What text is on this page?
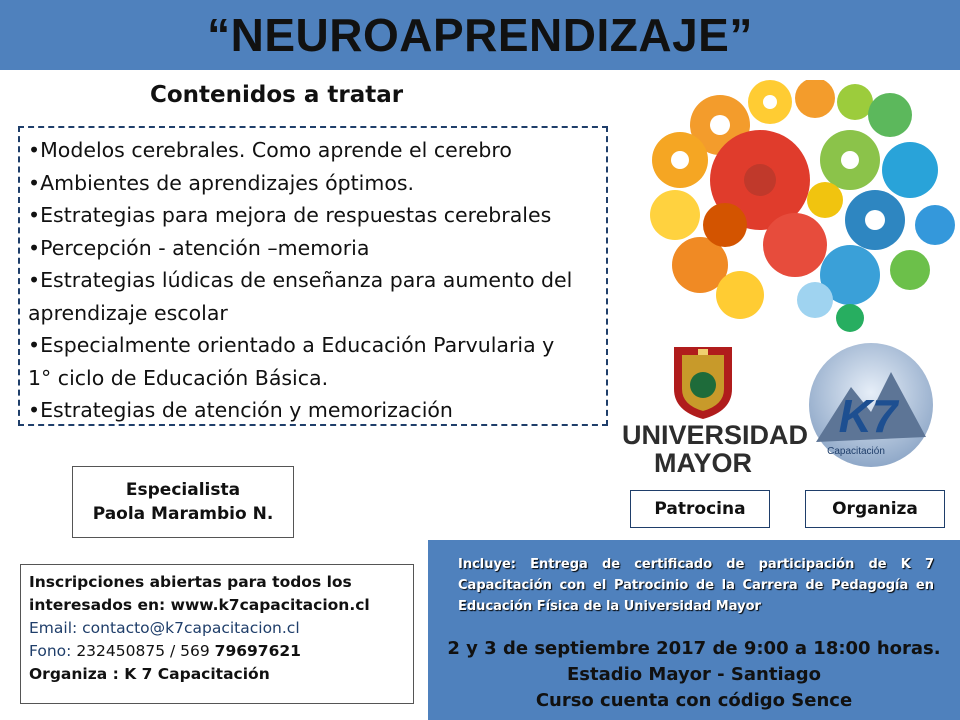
“NEUROAPRENDIZAJE”
Contenidos a tratar
•Modelos cerebrales. Como aprende el cerebro
•Ambientes de aprendizajes óptimos.
•Estrategias para mejora de respuestas cerebrales
•Percepción - atención –memoria
•Estrategias lúdicas de enseñanza para aumento del
aprendizaje escolar
•Especialmente orientado a Educación Parvularia y
1° ciclo de Educación Básica.
•Estrategias de atención y memorización
UNIVERSIDAD
MAYOR
K7
Capacitación
Patrocina	Organiza
Especialista
Paola Marambio N.
Inscripciones abiertas para todos los
interesados en: www.k7capacitacion.cl
Email: contacto@k7capacitacion.cl
Fono: 232450875 / 569 79697621
Organiza : K 7 Capacitación
Incluye: Entrega de certificado de participación de K 7 Capacitación con el Patrocinio de la Carrera de Pedagogía en Educación Física de la Universidad Mayor
2 y 3 de septiembre 2017 de 9:00 a 18:00 horas.
Estadio Mayor - Santiago
Curso cuenta con código Sence
